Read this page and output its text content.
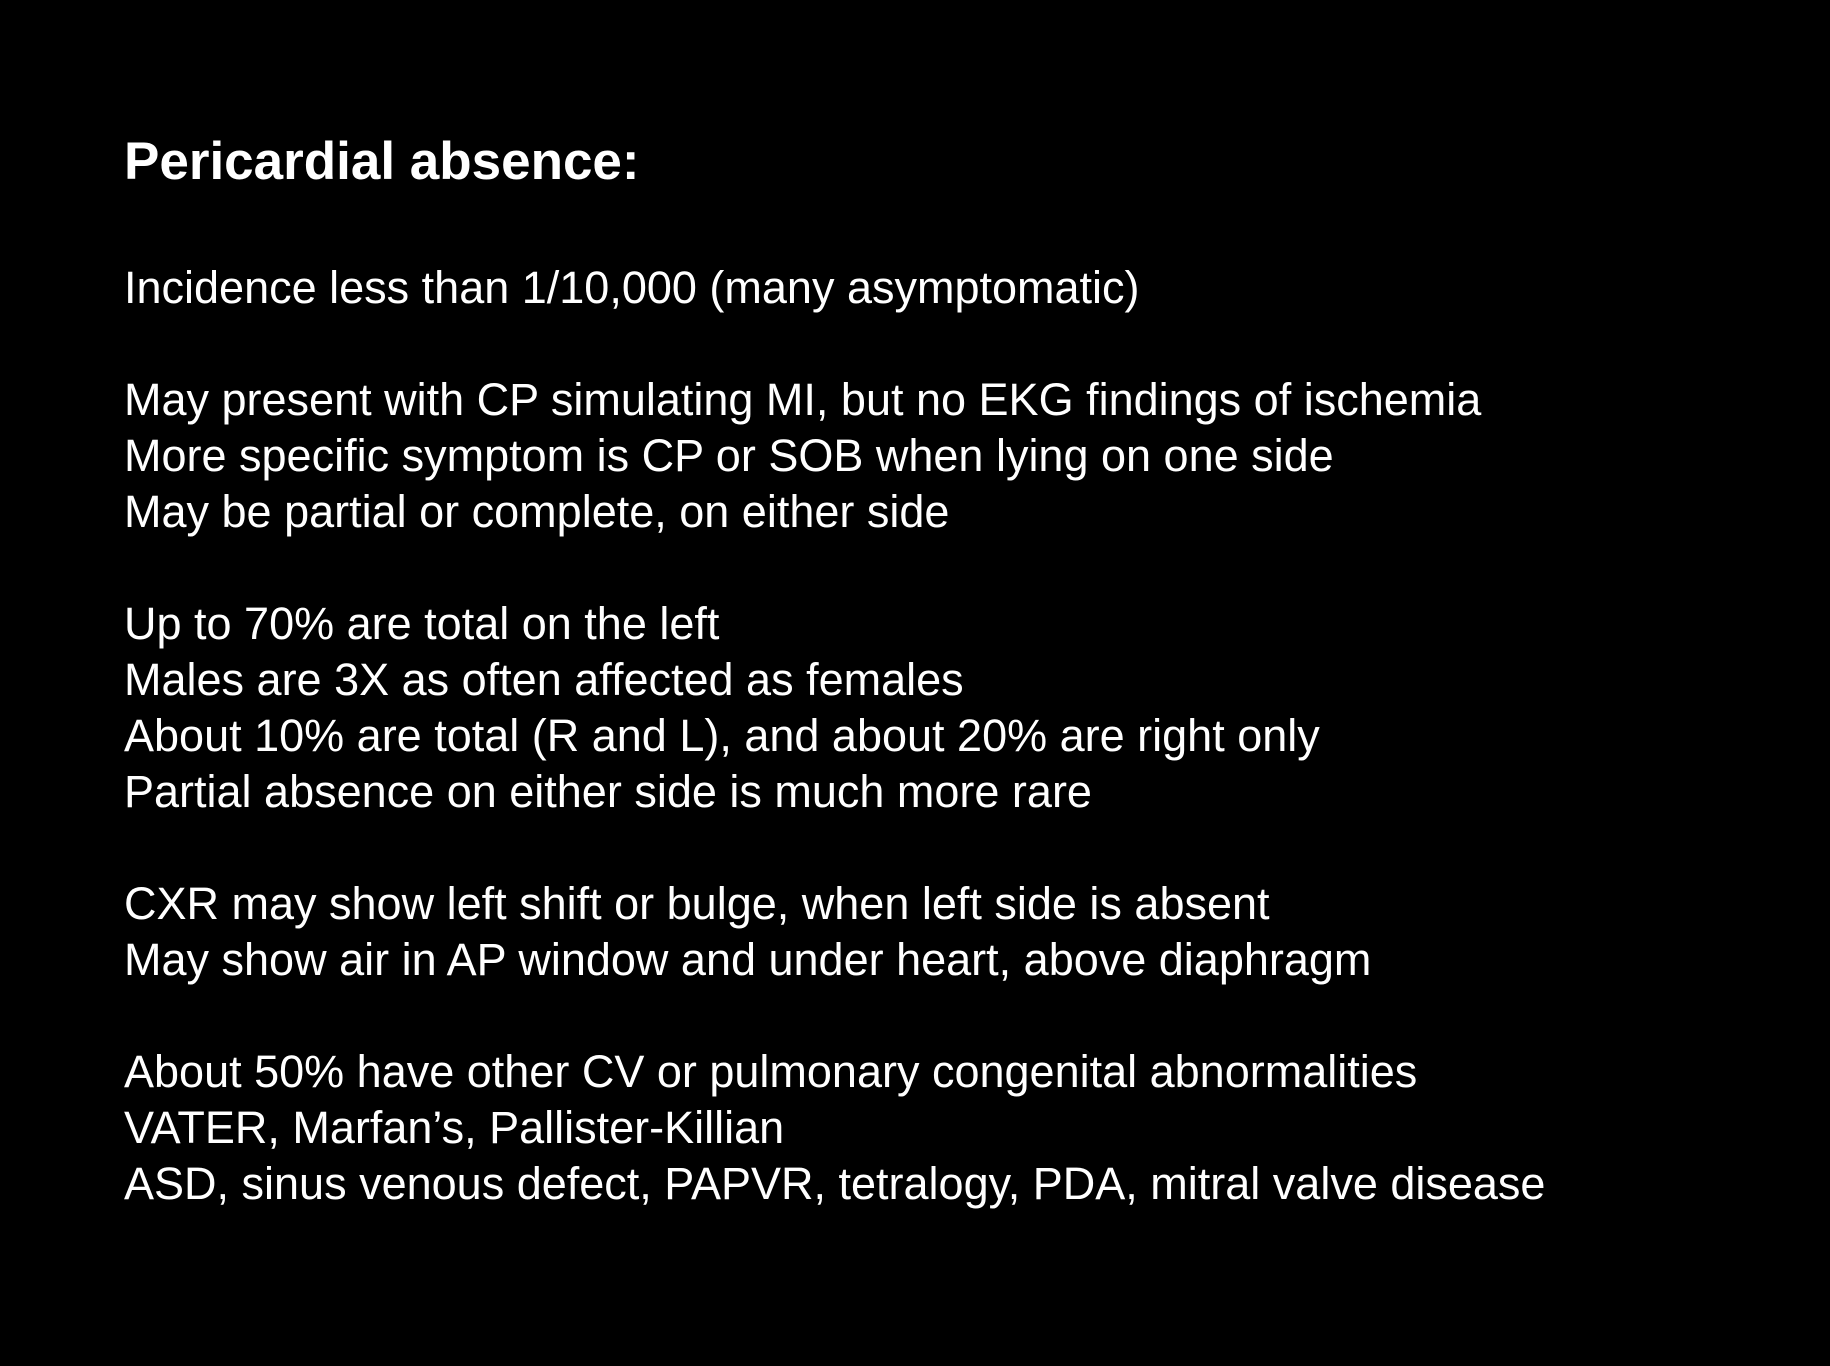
Pericardial absence:
Incidence less than 1/10,000 (many asymptomatic)
May present with CP simulating MI, but no EKG findings of ischemia
More specific symptom is CP or SOB when lying on one side
May be partial or complete, on either side
Up to 70% are total on the left
Males are 3X as often affected as females
About 10% are total (R and L), and about 20% are right only
Partial absence on either side is much more rare
CXR may show left shift or bulge, when left side is absent
May show air in AP window and under heart, above diaphragm
About 50% have other CV or pulmonary congenital abnormalities
VATER, Marfan’s, Pallister-Killian
ASD, sinus venous defect, PAPVR, tetralogy, PDA, mitral valve disease
